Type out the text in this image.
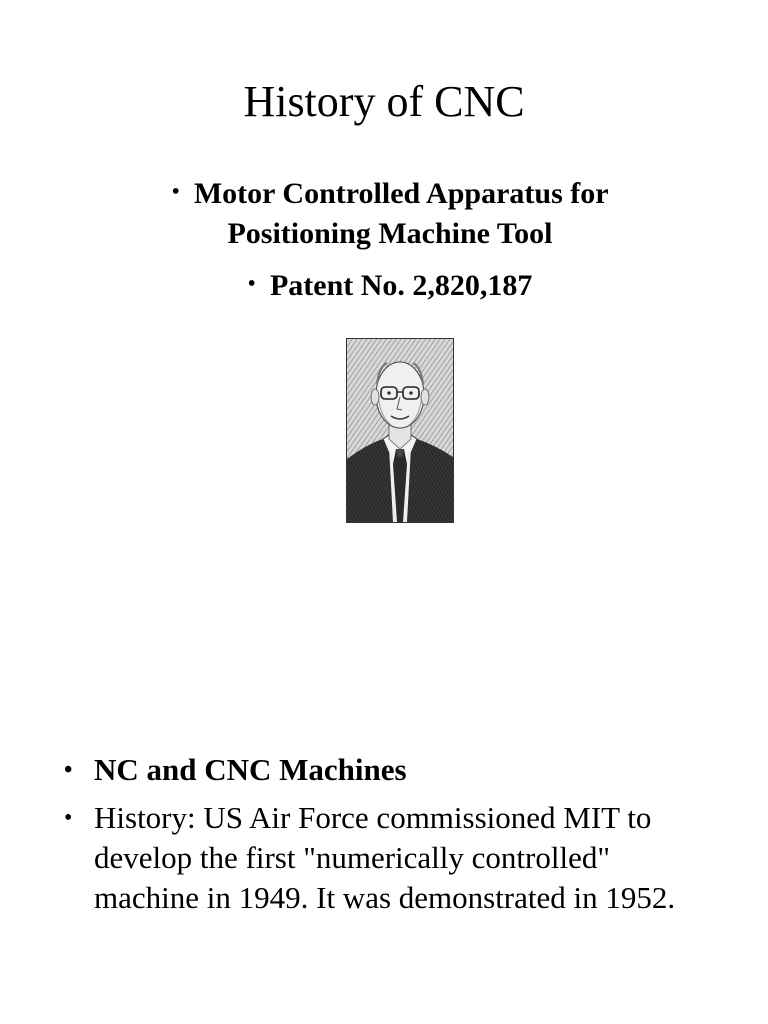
History of CNC
• Motor Controlled Apparatus for
Positioning Machine Tool
• Patent No. 2,820,187
• NC and CNC Machines
• History: US Air Force commissioned MIT to develop the first "numerically controlled" machine in 1949. It was demonstrated in 1952.
